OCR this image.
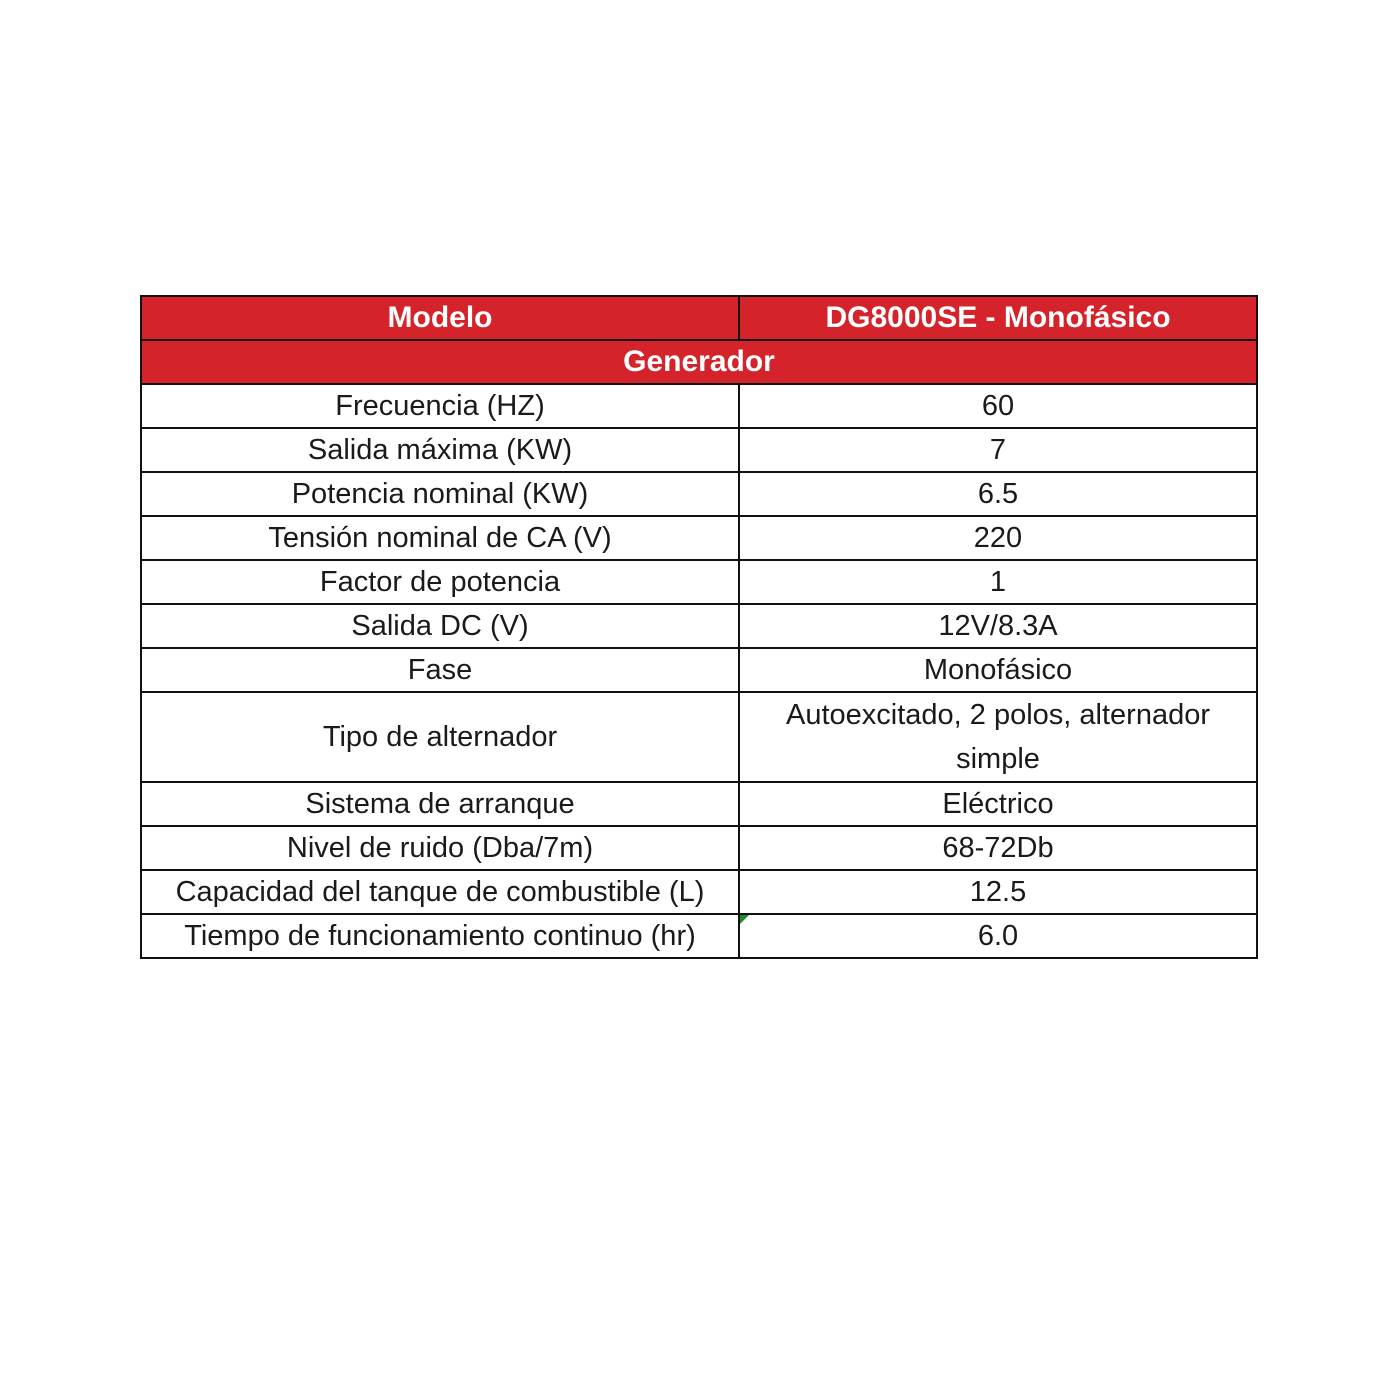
Modelo	DG8000SE - Monofásico
Generador	
Frecuencia (HZ)	60
Salida máxima (KW)	7
Potencia nominal (KW)	6.5
Tensión nominal de CA (V)	220
Factor de potencia	1
Salida DC (V)	12V/8.3A
Fase	Monofásico
Tipo de alternador	Autoexcitado, 2 polos, alternador simple
Sistema de arranque	Eléctrico
Nivel de ruido (Dba/7m)	68-72Db
Capacidad del tanque de combustible (L)	12.5
Tiempo de funcionamiento continuo (hr)	6.0
